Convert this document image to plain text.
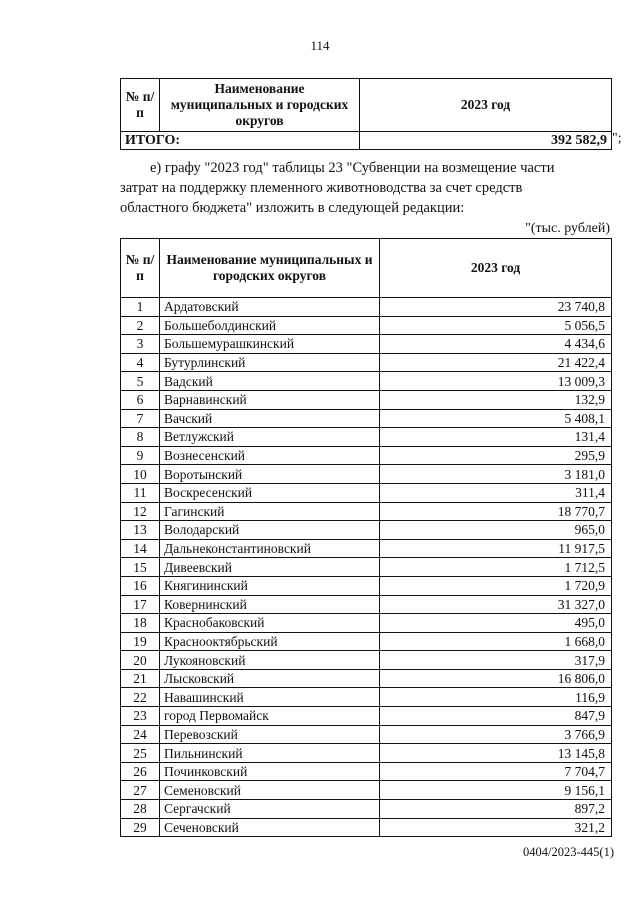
114
№ п/п	Наименование муниципальных и городских округов	2023 год
ИТОГО:		392 582,9 ";
е) графу "2023 год" таблицы 23 "Субвенции на возмещение части
затрат на поддержку племенного животноводства за счет средств
областного бюджета" изложить в следующей редакции:
"(тыс. рублей)
№ п/п	Наименование муниципальных и городских округов	2023 год
1	Ардатовский	23 740,8
2	Большеболдинский	5 056,5
3	Большемурашкинский	4 434,6
4	Бутурлинский	21 422,4
5	Вадский	13 009,3
6	Варнавинский	132,9
7	Вачский	5 408,1
8	Ветлужский	131,4
9	Вознесенский	295,9
10	Воротынский	3 181,0
11	Воскресенский	311,4
12	Гагинский	18 770,7
13	Володарский	965,0
14	Дальнеконстантиновский	11 917,5
15	Дивеевский	1 712,5
16	Княгининский	1 720,9
17	Ковернинский	31 327,0
18	Краснобаковский	495,0
19	Краснооктябрьский	1 668,0
20	Лукояновский	317,9
21	Лысковский	16 806,0
22	Навашинский	116,9
23	город Первомайск	847,9
24	Перевозский	3 766,9
25	Пильнинский	13 145,8
26	Починковский	7 704,7
27	Семеновский	9 156,1
28	Сергачский	897,2
29	Сеченовский	321,2
0404/2023-445(1)
